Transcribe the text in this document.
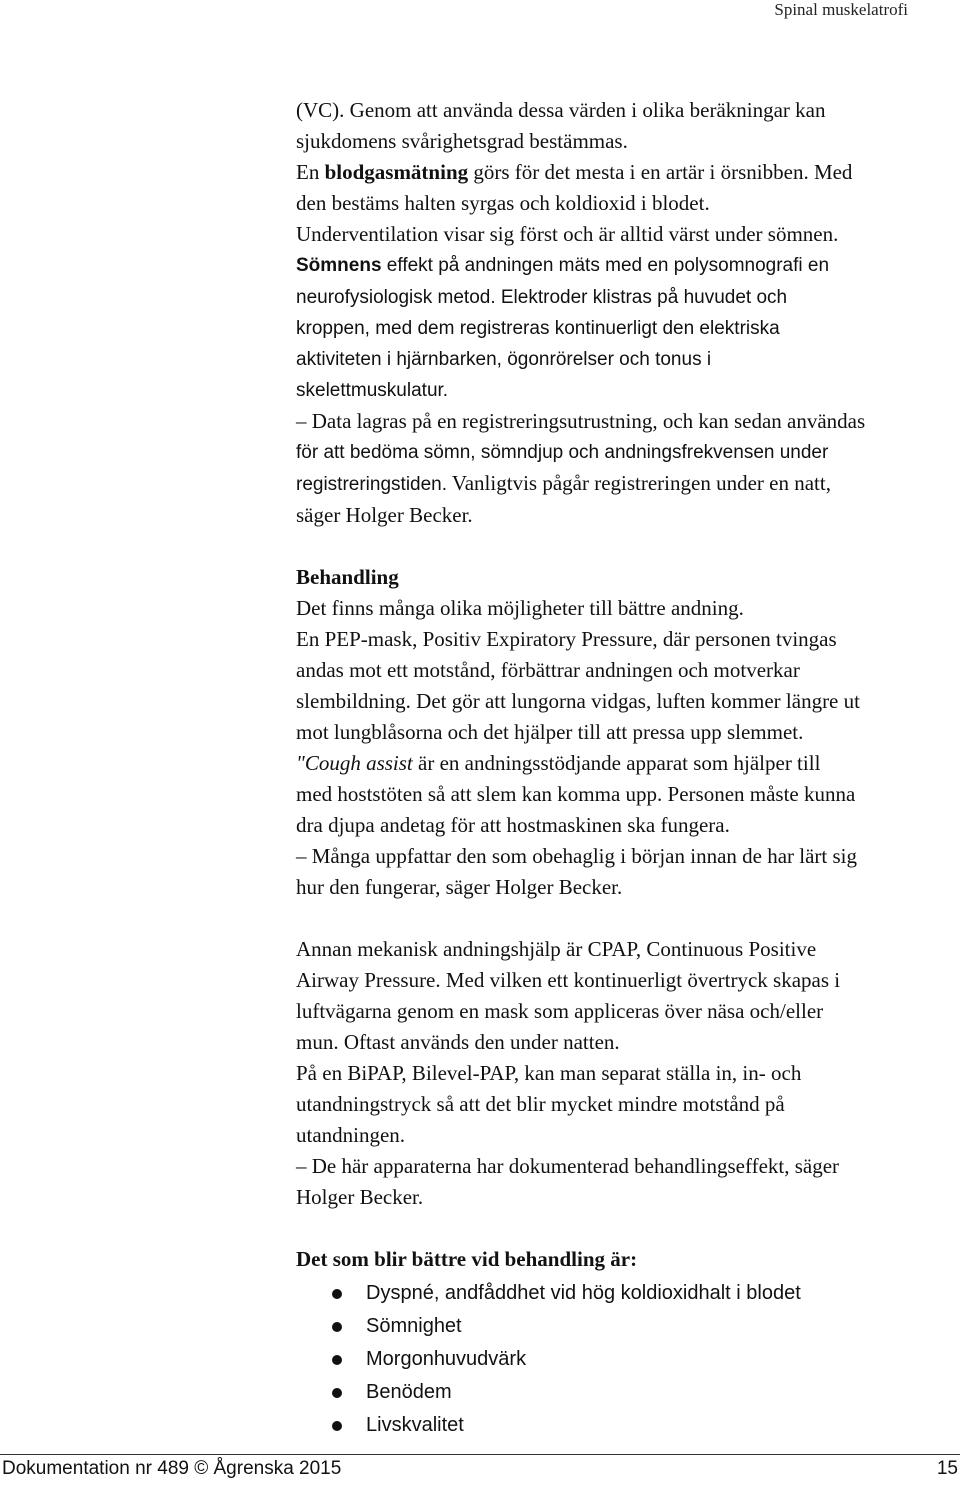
Spinal muskelatrofi

(VC). Genom att använda dessa värden i olika beräkningar kan

sjukdomens svårighetsgrad bestämmas.

En blodgasmätning görs för det mesta i en artär i örsnibben. Med

den bestäms halten syrgas och koldioxid i blodet.

Underventilation visar sig först och är alltid värst under sömnen.

Sömnens effekt på andningen mäts med en polysomnografi en

neurofysiologisk metod. Elektroder klistras på huvudet och

kroppen, med dem registreras kontinuerligt den elektriska

aktiviteten i hjärnbarken, ögonrörelser och tonus i

skelettmuskulatur.

– Data lagras på en registreringsutrustning, och kan sedan användas

för att bedöma sömn, sömndjup och andningsfrekvensen under

registreringstiden. Vanligtvis pågår registreringen under en natt,

säger Holger Becker.

Behandling

Det finns många olika möjligheter till bättre andning.

En PEP-mask, Positiv Expiratory Pressure, där personen tvingas

andas mot ett motstånd, förbättrar andningen och motverkar

slembildning. Det gör att lungorna vidgas, luften kommer längre ut

mot lungblåsorna och det hjälper till att pressa upp slemmet.

"Cough assist är en andningsstödjande apparat som hjälper till

med hoststöten så att slem kan komma upp. Personen måste kunna

dra djupa andetag för att hostmaskinen ska fungera.

– Många uppfattar den som obehaglig i början innan de har lärt sig

hur den fungerar, säger Holger Becker.

Annan mekanisk andningshjälp är CPAP, Continuous Positive

Airway Pressure. Med vilken ett kontinuerligt övertryck skapas i

luftvägarna genom en mask som appliceras över näsa och/eller

mun. Oftast används den under natten.

På en BiPAP, Bilevel-PAP, kan man separat ställa in, in- och

utandningstryck så att det blir mycket mindre motstånd på

utandningen.

– De här apparaterna har dokumenterad behandlingseffekt, säger

Holger Becker.

Det som blir bättre vid behandling är:

Dyspné, andfåddhet vid hög koldioxidhalt i blodet
Sömnighet
Morgonhuvudvärk
Benödem
Livskvalitet
Dokumentation nr 489 © Ågrenska 2015	15
